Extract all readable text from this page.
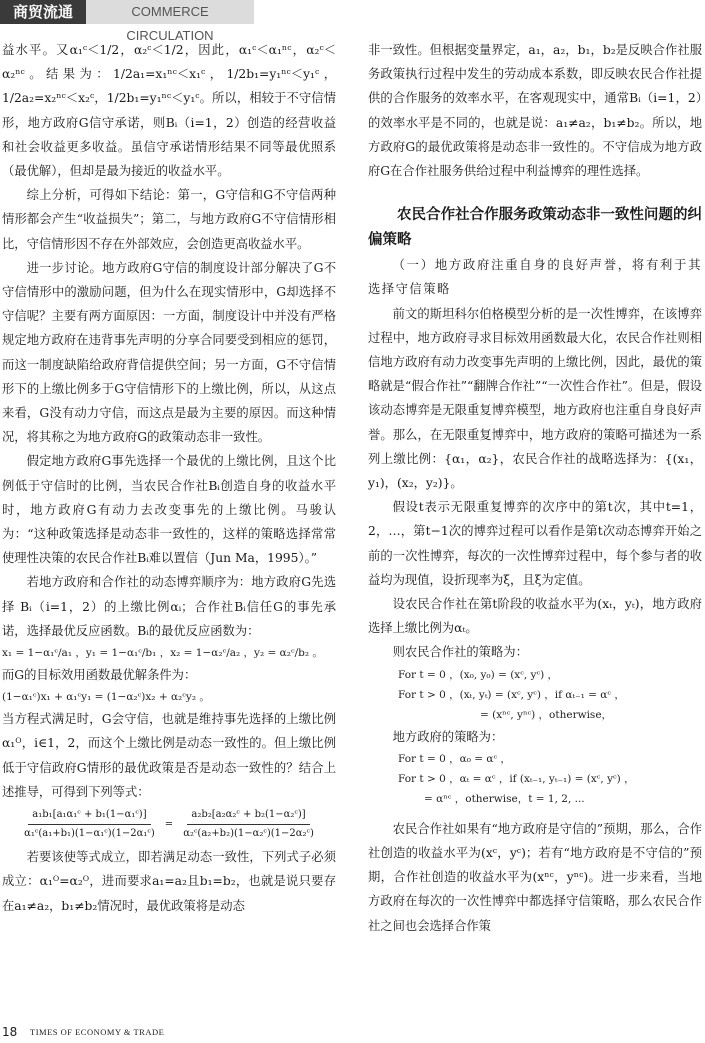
商贸流通	COMMERCE CIRCULATION

益水平。又α₁ᶜ＜1/2，α₂ᶜ＜1/2，因此，α₁ᶜ＜α₁ⁿᶜ，α₂ᶜ＜α₂ⁿᶜ。结果为：1/2a₁=x₁ⁿᶜ＜x₁ᶜ，1/2b₁=y₁ⁿᶜ＜y₁ᶜ，1/2a₂=x₂ⁿᶜ＜x₂ᶜ，1/2b₁=y₁ⁿᶜ＜y₁ᶜ。所以，相较于不守信情形，地方政府G信守承诺，则Bᵢ（i=1，2）创造的经营收益和社会收益更多收益。虽信守承诺情形结果不同等最优照系（最优解），但却是最为接近的收益水平。

综上分析，可得如下结论：第一，G守信和G不守信两种情形都会产生“收益损失”；第二，与地方政府G不守信情形相比，守信情形因不存在外部效应，会创造更高收益水平。

进一步讨论。地方政府G守信的制度设计部分解决了G不守信情形中的激励问题，但为什么在现实情形中，G却选择不守信呢？主要有两方面原因：一方面，制度设计中并没有严格规定地方政府在违背事先声明的分享合同要受到相应的惩罚，而这一制度缺陷给政府背信提供空间；另一方面，G不守信情形下的上缴比例多于G守信情形下的上缴比例，所以，从这点来看，G没有动力守信，而这点是最为主要的原因。而这种情况，将其称之为地方政府G的政策动态非一致性。

假定地方政府G事先选择一个最优的上缴比例，且这个比例低于守信时的比例，当农民合作社Bᵢ创造自身的收益水平时，地方政府G有动力去改变事先的上缴比例。马骏认为：“这种政策选择是动态非一致性的，这样的策略选择常常使理性决策的农民合作社Bᵢ难以置信（Jun Ma，1995）。”

若地方政府和合作社的动态博弈顺序为：地方政府G先选择 Bᵢ（i=1，2）的上缴比例αᵢ；合作社Bᵢ信任G的事先承诺，选择最优反应函数。Bᵢ的最优反应函数为：

x₁ = 1−α₁ᶜ/a₁ ，y₁ = 1−α₁ᶜ/b₁ ，x₂ = 1−α₂ᶜ/a₂ ，y₂ = α₂ᶜ/b₂ 。

而G的目标效用函数最优解条件为：

(1−α₁ᶜ)x₁ + α₁ᶜy₁ = (1−α₂ᶜ)x₂ + α₂ᶜy₂ 。

当方程式满足时，G会守信，也就是维持事先选择的上缴比例α₁ᴼ，i∈1，2，而这个上缴比例是动态一致性的。但上缴比例低于守信政府G情形的最优政策是否是动态一致性的？结合上述推导，可得到下列等式：

$\frac{\text{a₁b₁[a₁α₁ᶜ + b₁(1−α₁ᶜ)]}}{\text{α₁ᶜ(a₁+b₁)(1−α₁ᶜ)(1−2α₁ᶜ)}} = \frac{\text{a₂b₂[a₂α₂ᶜ + b₂(1−α₂ᶜ)]}}{\text{α₂ᶜ(a₂+b₂)(1−α₂ᶜ)(1−2α₂ᶜ)}}$

若要该使等式成立，即若满足动态一致性，下列式子必须成立：α₁ᴼ=α₂ᴼ，进而要求a₁=a₂且b₁=b₂，也就是说只要存在a₁≠a₂，b₁≠b₂情况时，最优政策将是动态

非一致性。但根据变量界定，a₁，a₂，b₁，b₂是反映合作社服务政策执行过程中发生的劳动成本系数，即反映农民合作社提供的合作服务的效率水平，在客观现实中，通常Bᵢ（i=1，2）的效率水平是不同的，也就是说：a₁≠a₂，b₁≠b₂。所以，地方政府G的最优政策将是动态非一致性的。不守信成为地方政府G在合作社服务供给过程中利益博弈的理性选择。

农民合作社合作服务政策动态非一致性问题的纠偏策略

（一）地方政府注重自身的良好声誉，将有利于其选择守信策略

前文的斯坦科尔伯格模型分析的是一次性博弈，在该博弈过程中，地方政府寻求目标效用函数最大化，农民合作社则相信地方政府有动力改变事先声明的上缴比例，因此，最优的策略就是“假合作社”“翻牌合作社”“一次性合作社”。但是，假设该动态博弈是无限重复博弈模型，地方政府也注重自身良好声誉。那么，在无限重复博弈中，地方政府的策略可描述为一系列上缴比例：{α₁，α₂}，农民合作社的战略选择为：{(x₁，y₁)，(x₂，y₂)}。

假设t表示无限重复博弈的次序中的第t次，其中t=1，2，…，第t−1次的博弈过程可以看作是第t次动态博弈开始之前的一次性博弈，每次的一次性博弈过程中，每个参与者的收益均为现值，设折现率为ξ，且ξ为定值。

设农民合作社在第t阶段的收益水平为(xₜ，yₜ)，地方政府选择上缴比例为αₜ。

则农民合作社的策略为：

For t = 0 ，(x₀, y₀) = (xᶜ, yᶜ) ，

For t > 0 ，(xₜ, yₜ) = (xᶜ, yᶜ) ，if αₜ₋₁ = αᶜ ，

= (xⁿᶜ, yⁿᶜ) ，otherwise，

地方政府的策略为：

For t = 0 ，α₀ = αᶜ ，

For t > 0 ，αₜ = αᶜ ，if (xₜ₋₁, yₜ₋₁) = (xᶜ, yᶜ) ，

= αⁿᶜ ，otherwise，t = 1, 2, ...

农民合作社如果有“地方政府是守信的”预期，那么，合作社创造的收益水平为(xᶜ，yᶜ)；若有“地方政府是不守信的”预期，合作社创造的收益水平为(xⁿᶜ，yⁿᶜ)。进一步来看，当地方政府在每次的一次性博弈中都选择守信策略，那么农民合作社之间也会选择合作策

18 TIMES OF ECONOMY & TRADE
